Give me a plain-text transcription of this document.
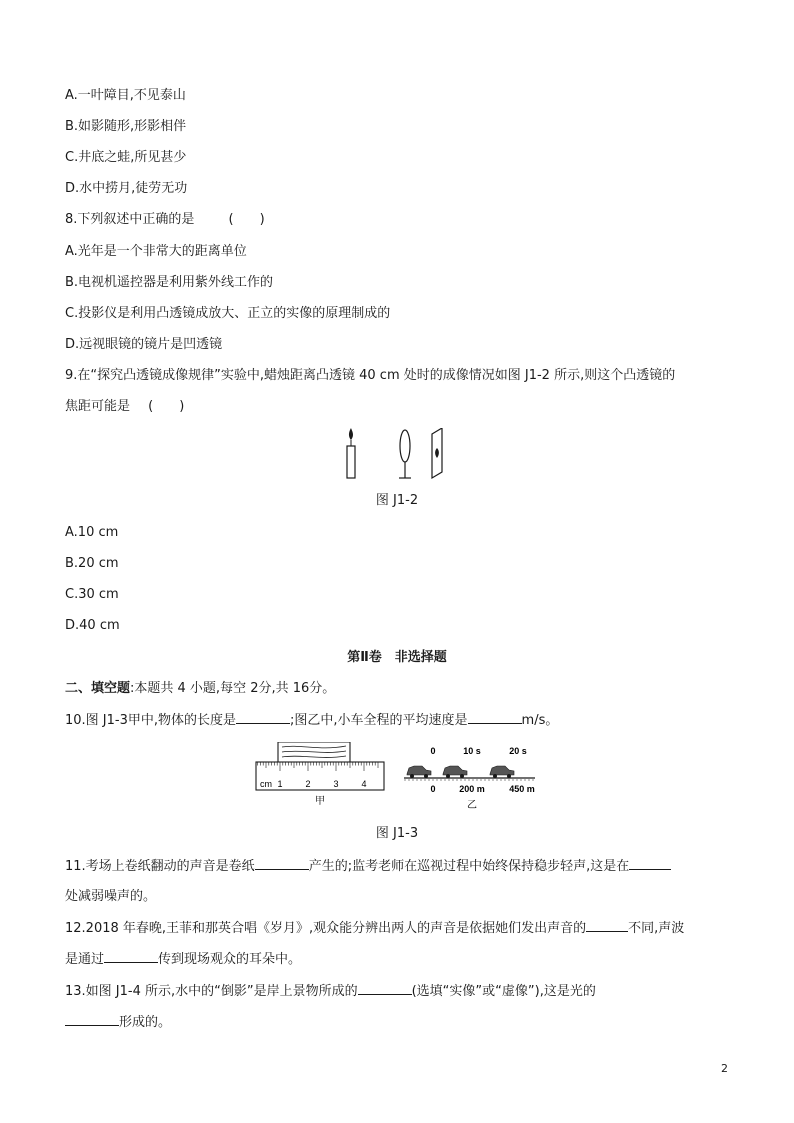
A.一叶障目,不见泰山
B.如影随形,形影相伴
C.井底之蛙,所见甚少
D.水中捞月,徒劳无功
8.下列叙述中正确的是	(　　)
A.光年是一个非常大的距离单位
B.电视机遥控器是利用紫外线工作的
C.投影仪是利用凸透镜成放大、正立的实像的原理制成的
D.远视眼镜的镜片是凹透镜
9.在“探究凸透镜成像规律”实验中,蜡烛距离凸透镜 40 cm 处时的成像情况如图 J1-2 所示,则这个凸透镜的
焦距可能是 (　　)
图 J1-2
A.10 cm
B.20 cm
C.30 cm
D.40 cm
第Ⅱ卷　非选择题
二、填空题:本题共 4 小题,每空 2分,共 16分。
10.图 J1-3甲中,物体的长度是	;图乙中,小车全程的平均速度是	m/s。
cm 1	2	3	4
甲
0	10 s	20 s
0	200 m	450 m
乙
图 J1-3
11.考场上卷纸翻动的声音是卷纸	产生的;监考老师在巡视过程中始终保持稳步轻声,这是在
处减弱噪声的。
12.2018 年春晚,王菲和那英合唱《岁月》,观众能分辨出两人的声音是依据她们发出声音的	不同,声波
是通过	传到现场观众的耳朵中。
13.如图 J1-4 所示,水中的“倒影”是岸上景物所成的	(选填“实像”或“虚像”),这是光的
形成的。
2
